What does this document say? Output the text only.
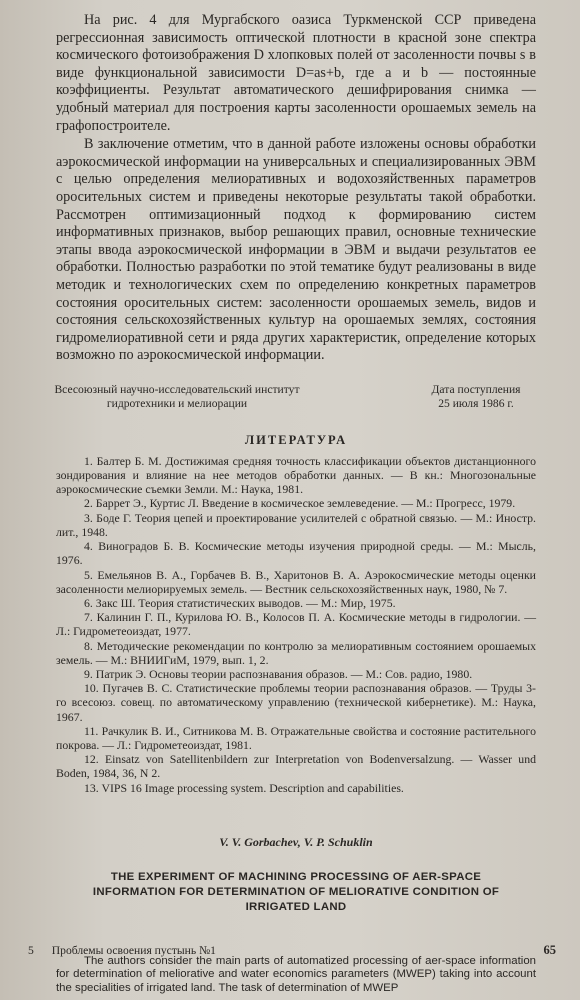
На рис. 4 для Мургабского оазиса Туркменской ССР приведена регрессионная зависимость оптической плотности в красной зоне спектра космического фотоизображения D хлопковых полей от засоленности почвы s в виде функциональной зависимости D=as+b, где a и b — постоянные коэффициенты. Результат автоматического дешифрирования снимка — удобный материал для построения карты засоленности орошаемых земель на графопостроителе.

В заключение отметим, что в данной работе изложены основы обработки аэрокосмической информации на универсальных и специализированных ЭВМ с целью определения мелиоративных и водохозяйственных параметров оросительных систем и приведены некоторые результаты такой обработки. Рассмотрен оптимизационный подход к формированию систем информативных признаков, выбор решающих правил, основные технические этапы ввода аэрокосмической информации в ЭВМ и выдачи результатов ее обработки. Полностью разработки по этой тематике будут реализованы в виде методик и технологических схем по определению конкретных параметров состояния оросительных систем: засоленности орошаемых земель, видов и состояния сельскохозяйственных культур на орошаемых землях, состояния гидромелиоративной сети и ряда других характеристик, определение которых возможно по аэрокосмической информации.

Всесоюзный научно-исследовательский институт
гидротехники и мелиорации
Дата поступления
25 июля 1986 г.
ЛИТЕРАТУРА
1. Балтер Б. М. Достижимая средняя точность классификации объектов дистанционного зондирования и влияние на нее методов обработки данных. — В кн.: Многозональные аэрокосмические съемки Земли. М.: Наука, 1981.
2. Баррет Э., Куртис Л. Введение в космическое землеведение. — М.: Прогресс, 1979.
3. Боде Г. Теория цепей и проектирование усилителей с обратной связью. — М.: Иностр. лит., 1948.
4. Виноградов Б. В. Космические методы изучения природной среды. — М.: Мысль, 1976.
5. Емельянов В. А., Горбачев В. В., Харитонов В. А. Аэрокосмические методы оценки засоленности мелиорируемых земель. — Вестник сельскохозяйственных наук, 1980, № 7.
6. Закс Ш. Теория статистических выводов. — М.: Мир, 1975.
7. Калинин Г. П., Курилова Ю. В., Колосов П. А. Космические методы в гидрологии. — Л.: Гидрометеоиздат, 1977.
8. Методические рекомендации по контролю за мелиоративным состоянием орошаемых земель. — М.: ВНИИГиМ, 1979, вып. 1, 2.
9. Патрик Э. Основы теории распознавания образов. — М.: Сов. радио, 1980.
10. Пугачев В. С. Статистические проблемы теории распознавания образов. — Труды 3-го всесоюз. совещ. по автоматическому управлению (технической кибернетике). М.: Наука, 1967.
11. Рачкулик В. И., Ситникова М. В. Отражательные свойства и состояние растительного покрова. — Л.: Гидрометеоиздат, 1981.
12. Einsatz von Satellitenbildern zur Interpretation von Bodenversalzung. — Wasser und Boden, 1984, 36, N 2.
13. VIPS 16 Image processing system. Description and capabilities.
V. V. Gorbachev, V. P. Schuklin
THE EXPERIMENT OF MACHINING PROCESSING OF AER-SPACE
INFORMATION FOR DETERMINATION OF MELIORATIVE CONDITION OF
IRRIGATED LAND

The authors consider the main parts of automatized processing of aer-space information for determination of meliorative and water economics parameters (MWEP) taking into account the specialities of irrigated land. The task of determination of MWEP

5 Проблемы освоения пустынь №1	65
